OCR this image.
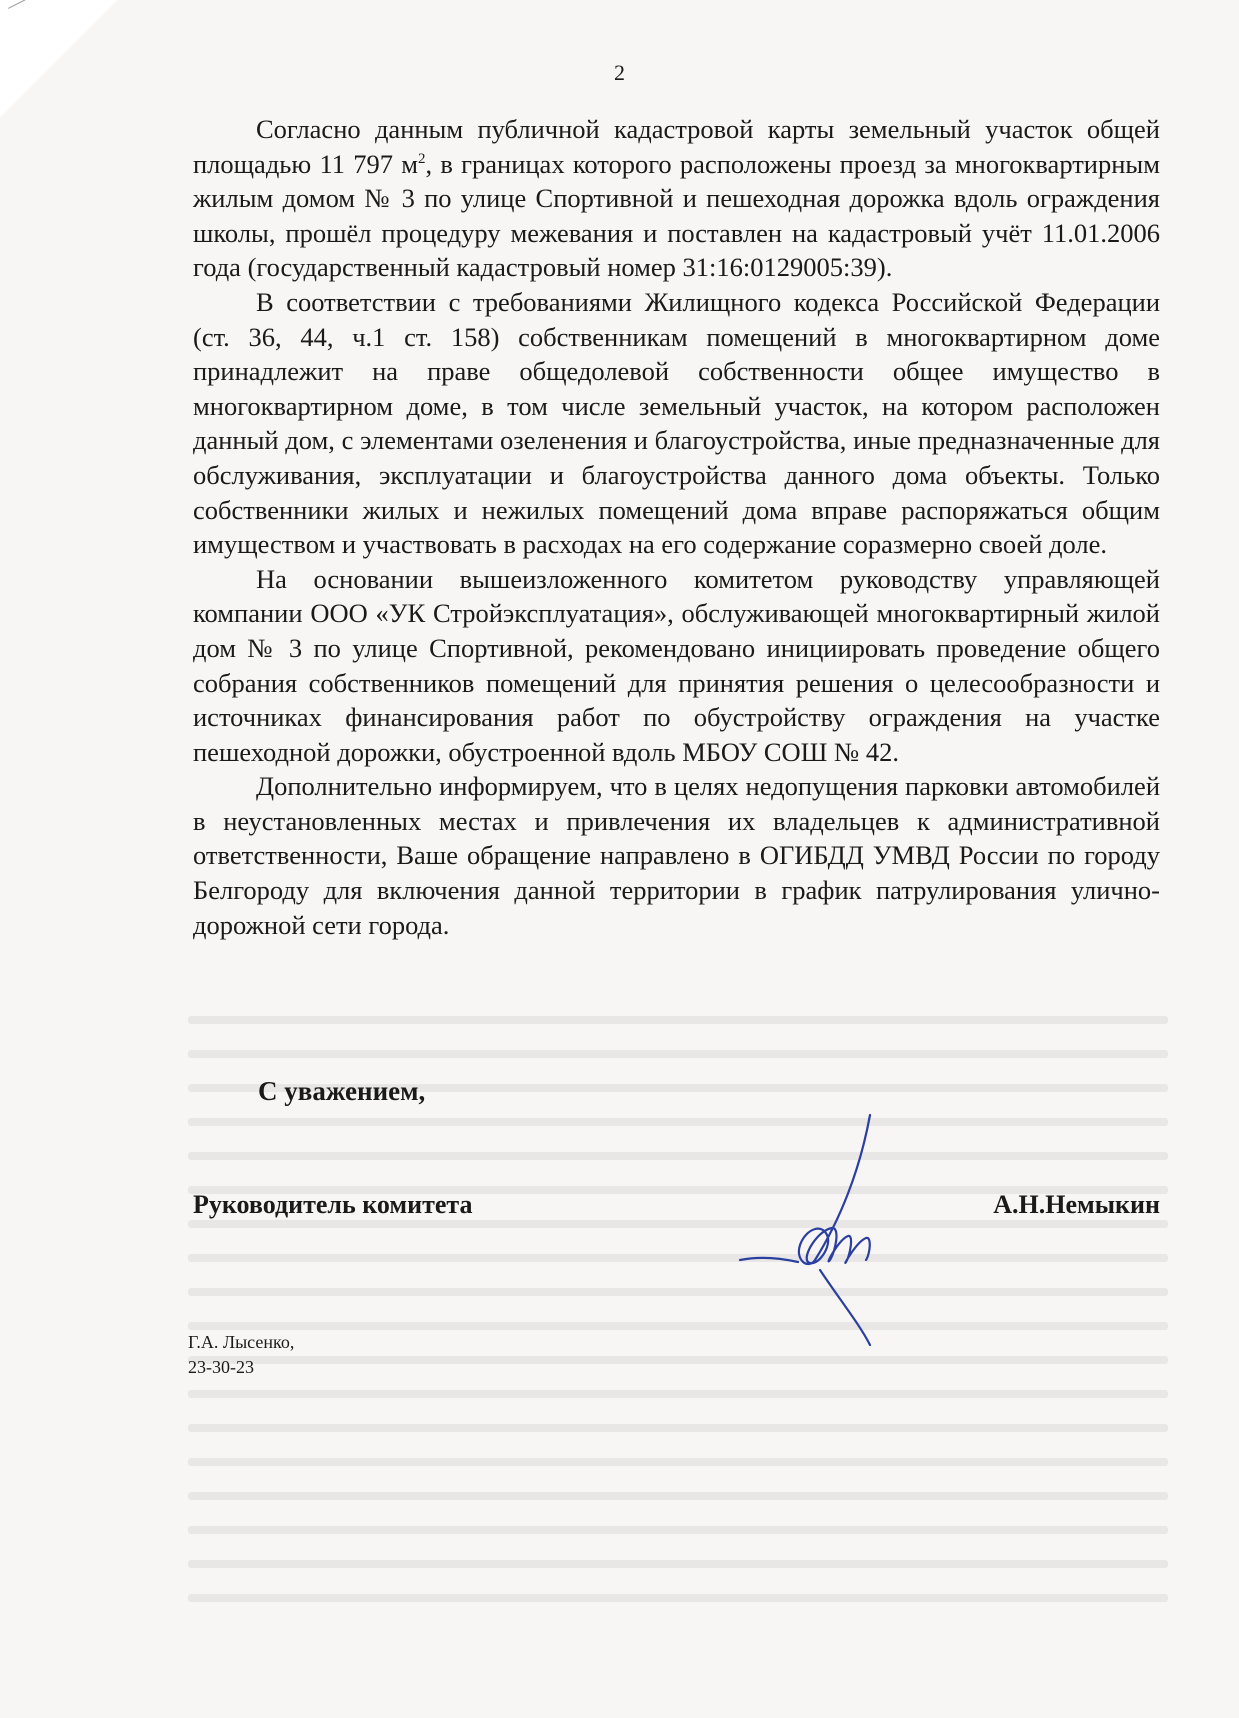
2

Согласно данным публичной кадастровой карты земельный участок общей площадью 11 797 $м^2$, в границах которого расположены проезд за многоквартирным жилым домом № 3 по улице Спортивной и пешеходная дорожка вдоль ограждения школы, прошёл процедуру межевания и поставлен на кадастровый учёт 11.01.2006 года (государственный кадастровый номер 31:16:0129005:39).

В соответствии с требованиями Жилищного кодекса Российской Федерации (ст. 36, 44, ч.1 ст. 158) собственникам помещений в многоквартирном доме принадлежит на праве общедолевой собственности общее имущество в многоквартирном доме, в том числе земельный участок, на котором расположен данный дом, с элементами озеленения и благоустройства, иные предназначенные для обслуживания, эксплуатации и благоустройства данного дома объекты. Только собственники жилых и нежилых помещений дома вправе распоряжаться общим имуществом и участвовать в расходах на его содержание соразмерно своей доле.

На основании вышеизложенного комитетом руководству управляющей компании ООО «УК Стройэксплуатация», обслуживающей многоквартирный жилой дом № 3 по улице Спортивной, рекомендовано инициировать проведение общего собрания собственников помещений для принятия решения о целесообразности и источниках финансирования работ по обустройству ограждения на участке пешеходной дорожки, обустроенной вдоль МБОУ СОШ № 42.

Дополнительно информируем, что в целях недопущения парковки автомобилей в неустановленных местах и привлечения их владельцев к административной ответственности, Ваше обращение направлено в ОГИБДД УМВД России по городу Белгороду для включения данной территории в график патрулирования улично-дорожной сети города.

С уважением,
Руководитель комитета	А.Н.Немыкин
Г.А. Лысенко,
23-30-23
